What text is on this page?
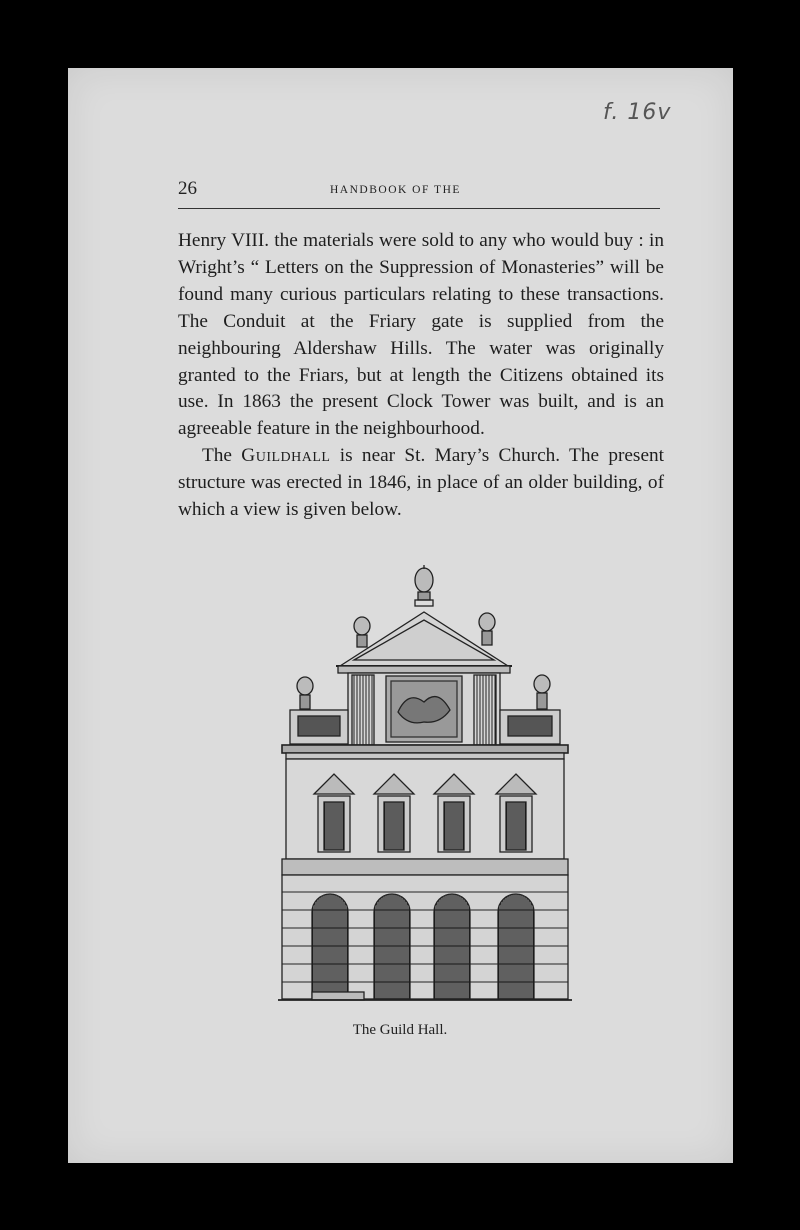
f. 16v
26	HANDBOOK OF THE

Henry VIII. the materials were sold to any who would buy : in Wright’s “ Letters on the Suppression of Monasteries” will be found many curious particulars relating to these transactions. The Conduit at the Friary gate is supplied from the neighbouring Aldershaw Hills. The water was originally granted to the Friars, but at length the Citizens obtained its use. In 1863 the present Clock Tower was built, and is an agreeable feature in the neighbourhood.

The Guildhall is near St. Mary’s Church. The present structure was erected in 1846, in place of an older building, of which a view is given below.

The Guild Hall.
